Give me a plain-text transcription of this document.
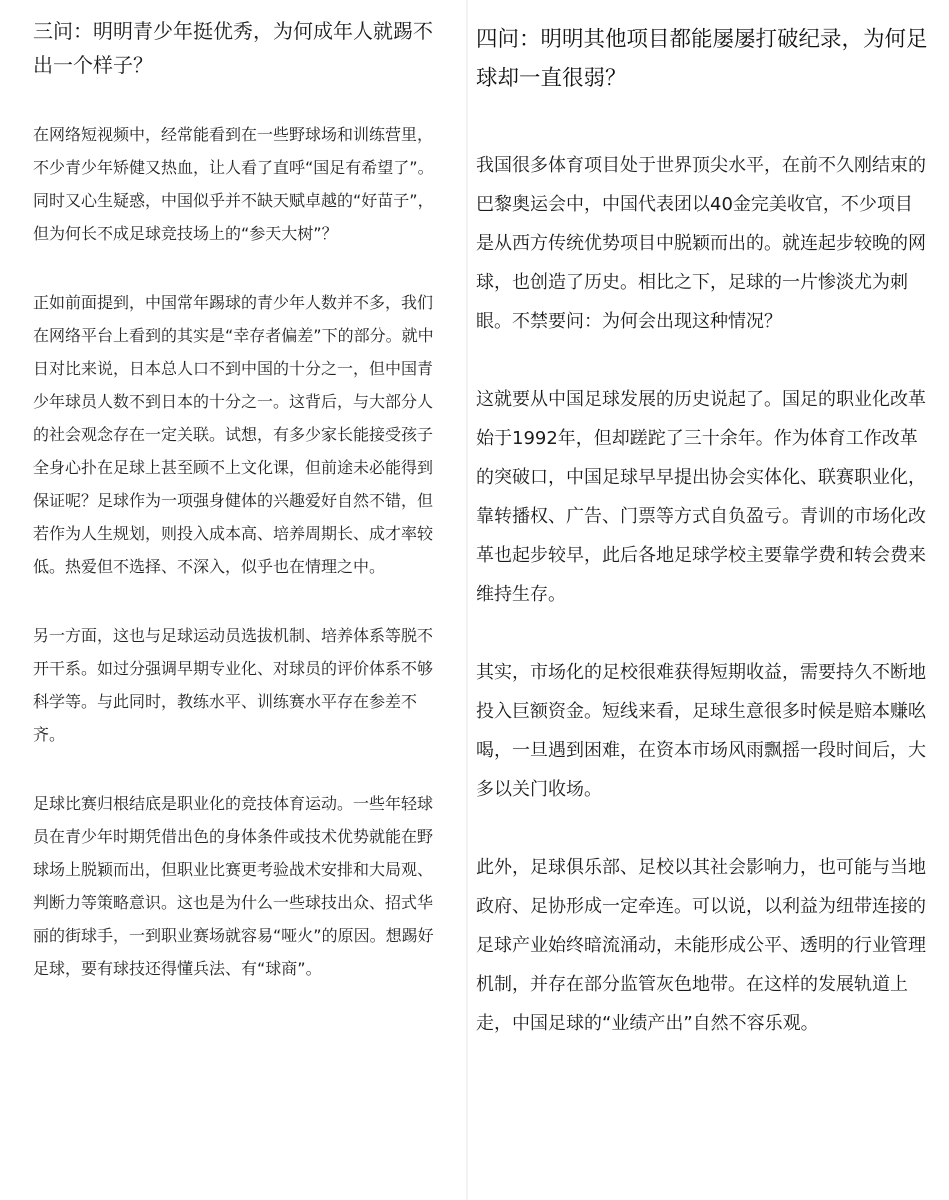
三问：明明青少年挺优秀，为何成年人就踢不出一个样子？

在网络短视频中，经常能看到在一些野球场和训练营里，不少青少年矫健又热血，让人看了直呼“国足有希望了”。同时又心生疑惑，中国似乎并不缺天赋卓越的“好苗子”，但为何长不成足球竞技场上的“参天大树”？

正如前面提到，中国常年踢球的青少年人数并不多，我们在网络平台上看到的其实是“幸存者偏差”下的部分。就中日对比来说，日本总人口不到中国的十分之一，但中国青少年球员人数不到日本的十分之一。这背后，与大部分人的社会观念存在一定关联。试想，有多少家长能接受孩子全身心扑在足球上甚至顾不上文化课，但前途未必能得到保证呢？足球作为一项强身健体的兴趣爱好自然不错，但若作为人生规划，则投入成本高、培养周期长、成才率较低。热爱但不选择、不深入，似乎也在情理之中。

另一方面，这也与足球运动员选拔机制、培养体系等脱不开干系。如过分强调早期专业化、对球员的评价体系不够科学等。与此同时，教练水平、训练赛水平存在参差不齐。

足球比赛归根结底是职业化的竞技体育运动。一些年轻球员在青少年时期凭借出色的身体条件或技术优势就能在野球场上脱颖而出，但职业比赛更考验战术安排和大局观、判断力等策略意识。这也是为什么一些球技出众、招式华丽的街球手，一到职业赛场就容易“哑火”的原因。想踢好足球，要有球技还得懂兵法、有“球商”。

四问：明明其他项目都能屡屡打破纪录，为何足球却一直很弱？

我国很多体育项目处于世界顶尖水平，在前不久刚结束的巴黎奥运会中，中国代表团以40金完美收官，不少项目是从西方传统优势项目中脱颖而出的。就连起步较晚的网球，也创造了历史。相比之下，足球的一片惨淡尤为刺眼。不禁要问：为何会出现这种情况？

这就要从中国足球发展的历史说起了。国足的职业化改革始于1992年，但却蹉跎了三十余年。作为体育工作改革的突破口，中国足球早早提出协会实体化、联赛职业化，靠转播权、广告、门票等方式自负盈亏。青训的市场化改革也起步较早，此后各地足球学校主要靠学费和转会费来维持生存。

其实，市场化的足校很难获得短期收益，需要持久不断地投入巨额资金。短线来看，足球生意很多时候是赔本赚吆喝，一旦遇到困难，在资本市场风雨飘摇一段时间后，大多以关门收场。

此外，足球俱乐部、足校以其社会影响力，也可能与当地政府、足协形成一定牵连。可以说，以利益为纽带连接的足球产业始终暗流涌动，未能形成公平、透明的行业管理机制，并存在部分监管灰色地带。在这样的发展轨道上走，中国足球的“业绩产出”自然不容乐观。
